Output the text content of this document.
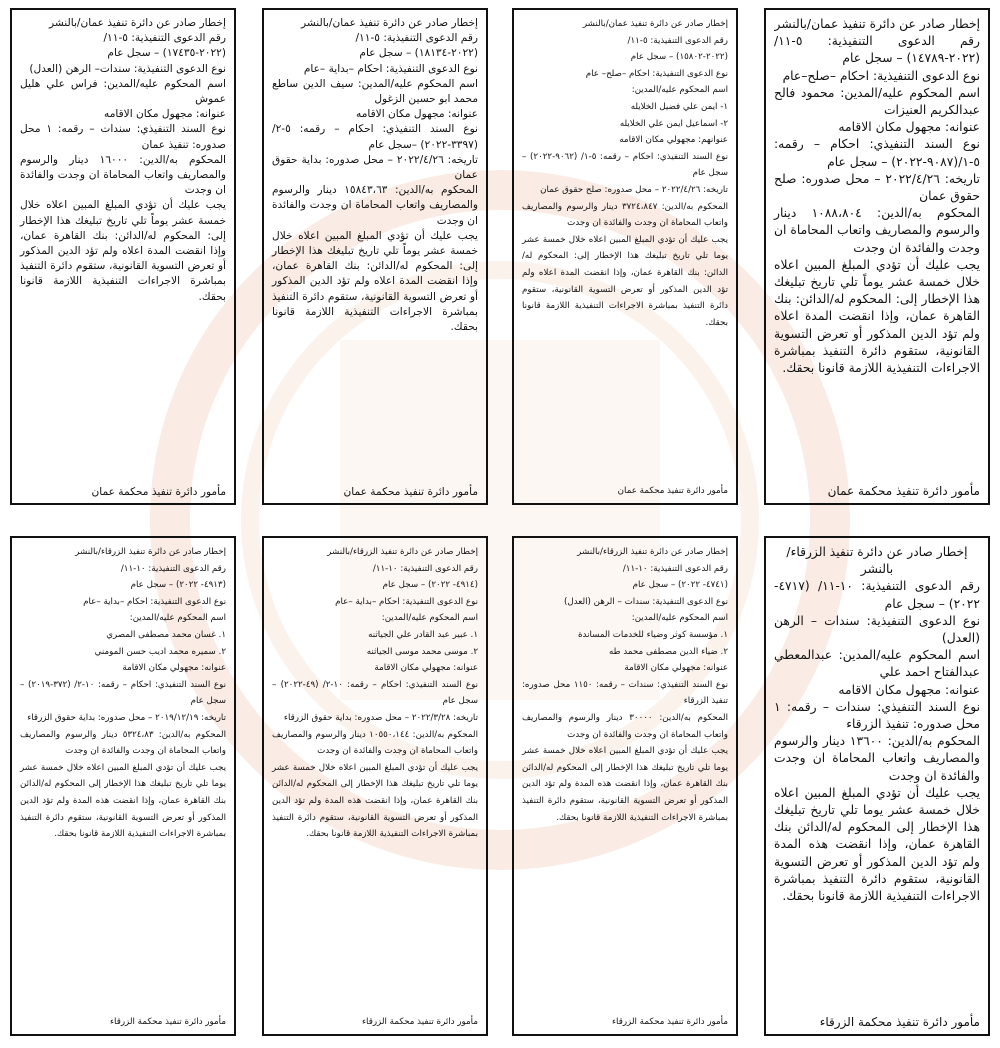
إخطار صادر عن دائرة تنفيذ عمان/بالنشر

رقم الدعوى التنفيذية: ٥-١١/ (٢٠٢٢-١٤٧٨٩) – سجل عام

نوع الدعوى التنفيذية: احكام –صلح–عام

اسم المحكوم عليه/المدين: محمود فالح عبدالكريم العنيزات

عنوانه: مجهول مكان الاقامه

نوع السند التنفيذي: احكام – رقمه: ٥-١/(٩٠٨٧-٢٠٢٢) – سجل عام

تاريخه: ٢٠٢٢/٤/٢٦ – محل صدوره: صلح حقوق عمان

المحكوم به/الدين: ١٠٨٨،٨٠٤ دينار والرسوم والمصاريف واتعاب المحاماة ان وجدت والفائدة ان وجدت

يجب عليك أن تؤدي المبلغ المبين اعلاه خلال خمسة عشر يوماً تلي تاريخ تبليغك هذا الإخطار إلى: المحكوم له/الدائن: بنك القاهرة عمان، وإذا انقضت المدة اعلاه ولم تؤد الدين المذكور أو تعرض التسوية القانونية، ستقوم دائرة التنفيذ بمباشرة الاجراءات التنفيذية اللازمة قانونا بحقك.

مأمور دائرة تنفيذ محكمة عمان

إخطار صادر عن دائرة تنفيذ عمان/بالنشر

رقم الدعوى التنفيذية: ٥-١١/

(٢٠٢٢-١٥٨٠٢) – سجل عام

نوع الدعوى التنفيذية: احكام –صلح– عام

اسم المحكوم عليه/المدين:

١- ايمن علي فضيل الخلايله

٢- اسماعيل ايمن علي الخلايله

عنوانهم: مجهولي مكان الاقامه

نوع السند التنفيذي: احكام – رقمه: ٥-١/ (٩٠٦٢-٢٠٢٢) – سجل عام

تاريخه: ٢٠٢٢/٤/٢٦ – محل صدوره: صلح حقوق عمان

المحكوم به/الدين: ٣٧٢٤،٨٤٧ دينار والرسوم والمصاريف واتعاب المحاماة ان وجدت والفائدة ان وجدت

يجب عليك أن تؤدي المبلغ المبين اعلاه خلال خمسة عشر يوما تلي تاريخ تبليغك هذا الإخطار إلى: المحكوم له/الدائن: بنك القاهرة عمان، وإذا انقضت المدة اعلاه ولم تؤد الدين المذكور أو تعرض التسوية القانونية، ستقوم دائرة التنفيذ بمباشرة الاجراءات التنفيذية اللازمة قانونا بحقك.

مأمور دائرة تنفيذ محكمة عمان

إخطار صادر عن دائرة تنفيذ عمان/بالنشر

رقم الدعوى التنفيذية: ٥-١١/

(٢٠٢٢-١٨١٣٤) – سجل عام

نوع الدعوى التنفيذية: احكام –بداية –عام

اسم المحكوم عليه/المدين: سيف الدين ساطع محمد ابو حسين الزغول

عنوانه: مجهول مكان الاقامه

نوع السند التنفيذي: احكام – رقمه: ٥-٢/ (٣٣٩٧-٢٠٢٢) –سجل عام

تاريخه: ٢٠٢٢/٤/٢٦ – محل صدوره: بداية حقوق عمان

المحكوم به/الدين: ١٥٨٤٣،٦٣ دينار والرسوم والمصاريف واتعاب المحاماة ان وجدت والفائدة ان وجدت

يجب عليك أن تؤدي المبلغ المبين اعلاه خلال خمسة عشر يوماً تلي تاريخ تبليغك هذا الإخطار إلى: المحكوم له/الدائن: بنك القاهرة عمان، وإذا انقضت المدة اعلاه ولم تؤد الدين المذكور أو تعرض التسوية القانونية، ستقوم دائرة التنفيذ بمباشرة الاجراءات التنفيذية اللازمة قانونا بحقك.

مأمور دائرة تنفيذ محكمة عمان

إخطار صادر عن دائرة تنفيذ عمان/بالنشر

رقم الدعوى التنفيذية: ٥-١١/

(٢٠٢٢-١٧٤٣٥) – سجل عام

نوع الدعوى التنفيذية: سندات– الرهن (العدل)

اسم المحكوم عليه/المدين: فراس علي هليل عموش

عنوانه: مجهول مكان الاقامه

نوع السند التنفيذي: سندات – رقمه: ١ محل صدوره: تنفيذ عمان

المحكوم به/الدين: ١٦٠٠٠ دينار والرسوم والمصاريف واتعاب المحاماة ان وجدت والفائدة ان وجدت

يجب عليك أن تؤدي المبلغ المبين اعلاه خلال خمسة عشر يوماً تلي تاريخ تبليغك هذا الإخطار إلى: المحكوم له/الدائن: بنك القاهرة عمان، وإذا انقضت المدة اعلاه ولم تؤد الدين المذكور أو تعرض التسوية القانونية، ستقوم دائرة التنفيذ بمباشرة الاجراءات التنفيذية اللازمة قانونا بحقك.

مأمور دائرة تنفيذ محكمة عمان

إخطار صادر عن دائرة تنفيذ الزرقاء/بالنشر

رقم الدعوى التنفيذية: ١٠-١١/ (٤٧١٧- ٢٠٢٢) – سجل عام

نوع الدعوى التنفيذية: سندات – الرهن (العدل)

اسم المحكوم عليه/المدين: عبدالمعطي عبدالفتاح احمد علي

عنوانه: مجهول مكان الاقامه

نوع السند التنفيذي: سندات – رقمه: ١ محل صدوره: تنفيذ الزرقاء

المحكوم به/الدين: ١٣٦٠٠ دينار والرسوم والمصاريف واتعاب المحاماة ان وجدت والفائدة ان وجدت

يجب عليك أن تؤدي المبلغ المبين اعلاه خلال خمسة عشر يوما تلي تاريخ تبليغك هذا الإخطار إلى المحكوم له/الدائن بنك القاهرة عمان، وإذا انقضت هذه المدة ولم تؤد الدين المذكور أو تعرض التسوية القانونية، ستقوم دائرة التنفيذ بمباشرة الاجراءات التنفيذية اللازمة قانونا بحقك.

مأمور دائرة تنفيذ محكمة الزرقاء

إخطار صادر عن دائرة تنفيذ الزرقاء/بالنشر

رقم الدعوى التنفيذية: ١٠-١١/

(٤٧٤١- ٢٠٢٢) – سجل عام

نوع الدعوى التنفيذية: سندات – الرهن (العدل)

اسم المحكوم عليه/المدين:

١. مؤسسة كوثر وضياء للخدمات المساندة

٢. ضياء الدين مصطفى محمد طه

عنوانه: مجهولي مكان الاقامة

نوع السند التنفيذي: سندات – رقمه: ١١٥٠ محل صدوره: تنفيذ الزرقاء

المحكوم به/الدين: ٣٠٠٠٠ دينار والرسوم والمصاريف واتعاب المحاماة ان وجدت والفائدة ان وجدت

يجب عليك أن تؤدي المبلغ المبين اعلاه خلال خمسة عشر يوما تلي تاريخ تبليغك هذا الإخطار إلى المحكوم له/الدائن بنك القاهرة عمان، وإذا انقضت هذه المدة ولم تؤد الدين المذكور أو تعرض التسوية القانونية، ستقوم دائرة التنفيذ بمباشرة الاجراءات التنفيذية اللازمة قانونا بحقك.

مأمور دائرة تنفيذ محكمة الزرقاء

إخطار صادر عن دائرة تنفيذ الزرقاء/بالنشر

رقم الدعوى التنفيذية: ١٠-١١/

(٤٩١٤- ٢٠٢٢) – سجل عام

نوع الدعوى التنفيذية: احكام –بداية –عام

اسم المحكوم عليه/المدين:

١. عبير عبد القادر علي الجياثنه

٢. موسى محمد موسى الجياثنه

عنوانه: مجهولي مكان الاقامة

نوع السند التنفيذي: احكام – رقمه: ١٠-٢/ (٤٩-٢٠٢٢) –سجل عام

تاريخه: ٢٠٢٢/٣/٢٨ – محل صدوره: بداية حقوق الزرقاء

المحكوم به/الدين: ١٠٥٥٠،١٤٤ دينار والرسوم والمصاريف واتعاب المحاماة ان وجدت والفائدة ان وجدت

يجب عليك أن تؤدي المبلغ المبين اعلاه خلال خمسة عشر يوما تلي تاريخ تبليغك هذا الإخطار إلى المحكوم له/الدائن بنك القاهرة عمان، وإذا انقضت هذه المدة ولم تؤد الدين المذكور أو تعرض التسوية القانونية، ستقوم دائرة التنفيذ بمباشرة الاجراءات التنفيذية اللازمة قانونا بحقك.

مأمور دائرة تنفيذ محكمة الزرقاء

إخطار صادر عن دائرة تنفيذ الزرقاء/بالنشر

رقم الدعوى التنفيذية: ١٠-١١/

(٤٩١٣- ٢٠٢٢) – سجل عام

نوع الدعوى التنفيذية: احكام –بداية –عام

اسم المحكوم عليه/المدين:

١. غسان محمد مصطفى المصري

٢. سميره محمد اديب حسن المومني

عنوانه: مجهولي مكان الاقامة

نوع السند التنفيذي: احكام – رقمه: ١٠-٢/ (٣٧٢-٢٠١٩) –سجل عام

تاريخه: ٢٠١٩/١٢/١٩ – محل صدوره: بداية حقوق الزرقاء

المحكوم به/الدين: ٥٣٢٤،٨٣ دينار والرسوم والمصاريف واتعاب المحاماة ان وجدت والفائدة ان وجدت

يجب عليك أن تؤدي المبلغ المبين اعلاه خلال خمسة عشر يوما تلي تاريخ تبليغك هذا الإخطار إلى المحكوم له/الدائن بنك القاهرة عمان، وإذا انقضت هذه المدة ولم تؤد الدين المذكور أو تعرض التسوية القانونية، ستقوم دائرة التنفيذ بمباشرة الاجراءات التنفيذية اللازمة قانونا بحقك.

مأمور دائرة تنفيذ محكمة الزرقاء
